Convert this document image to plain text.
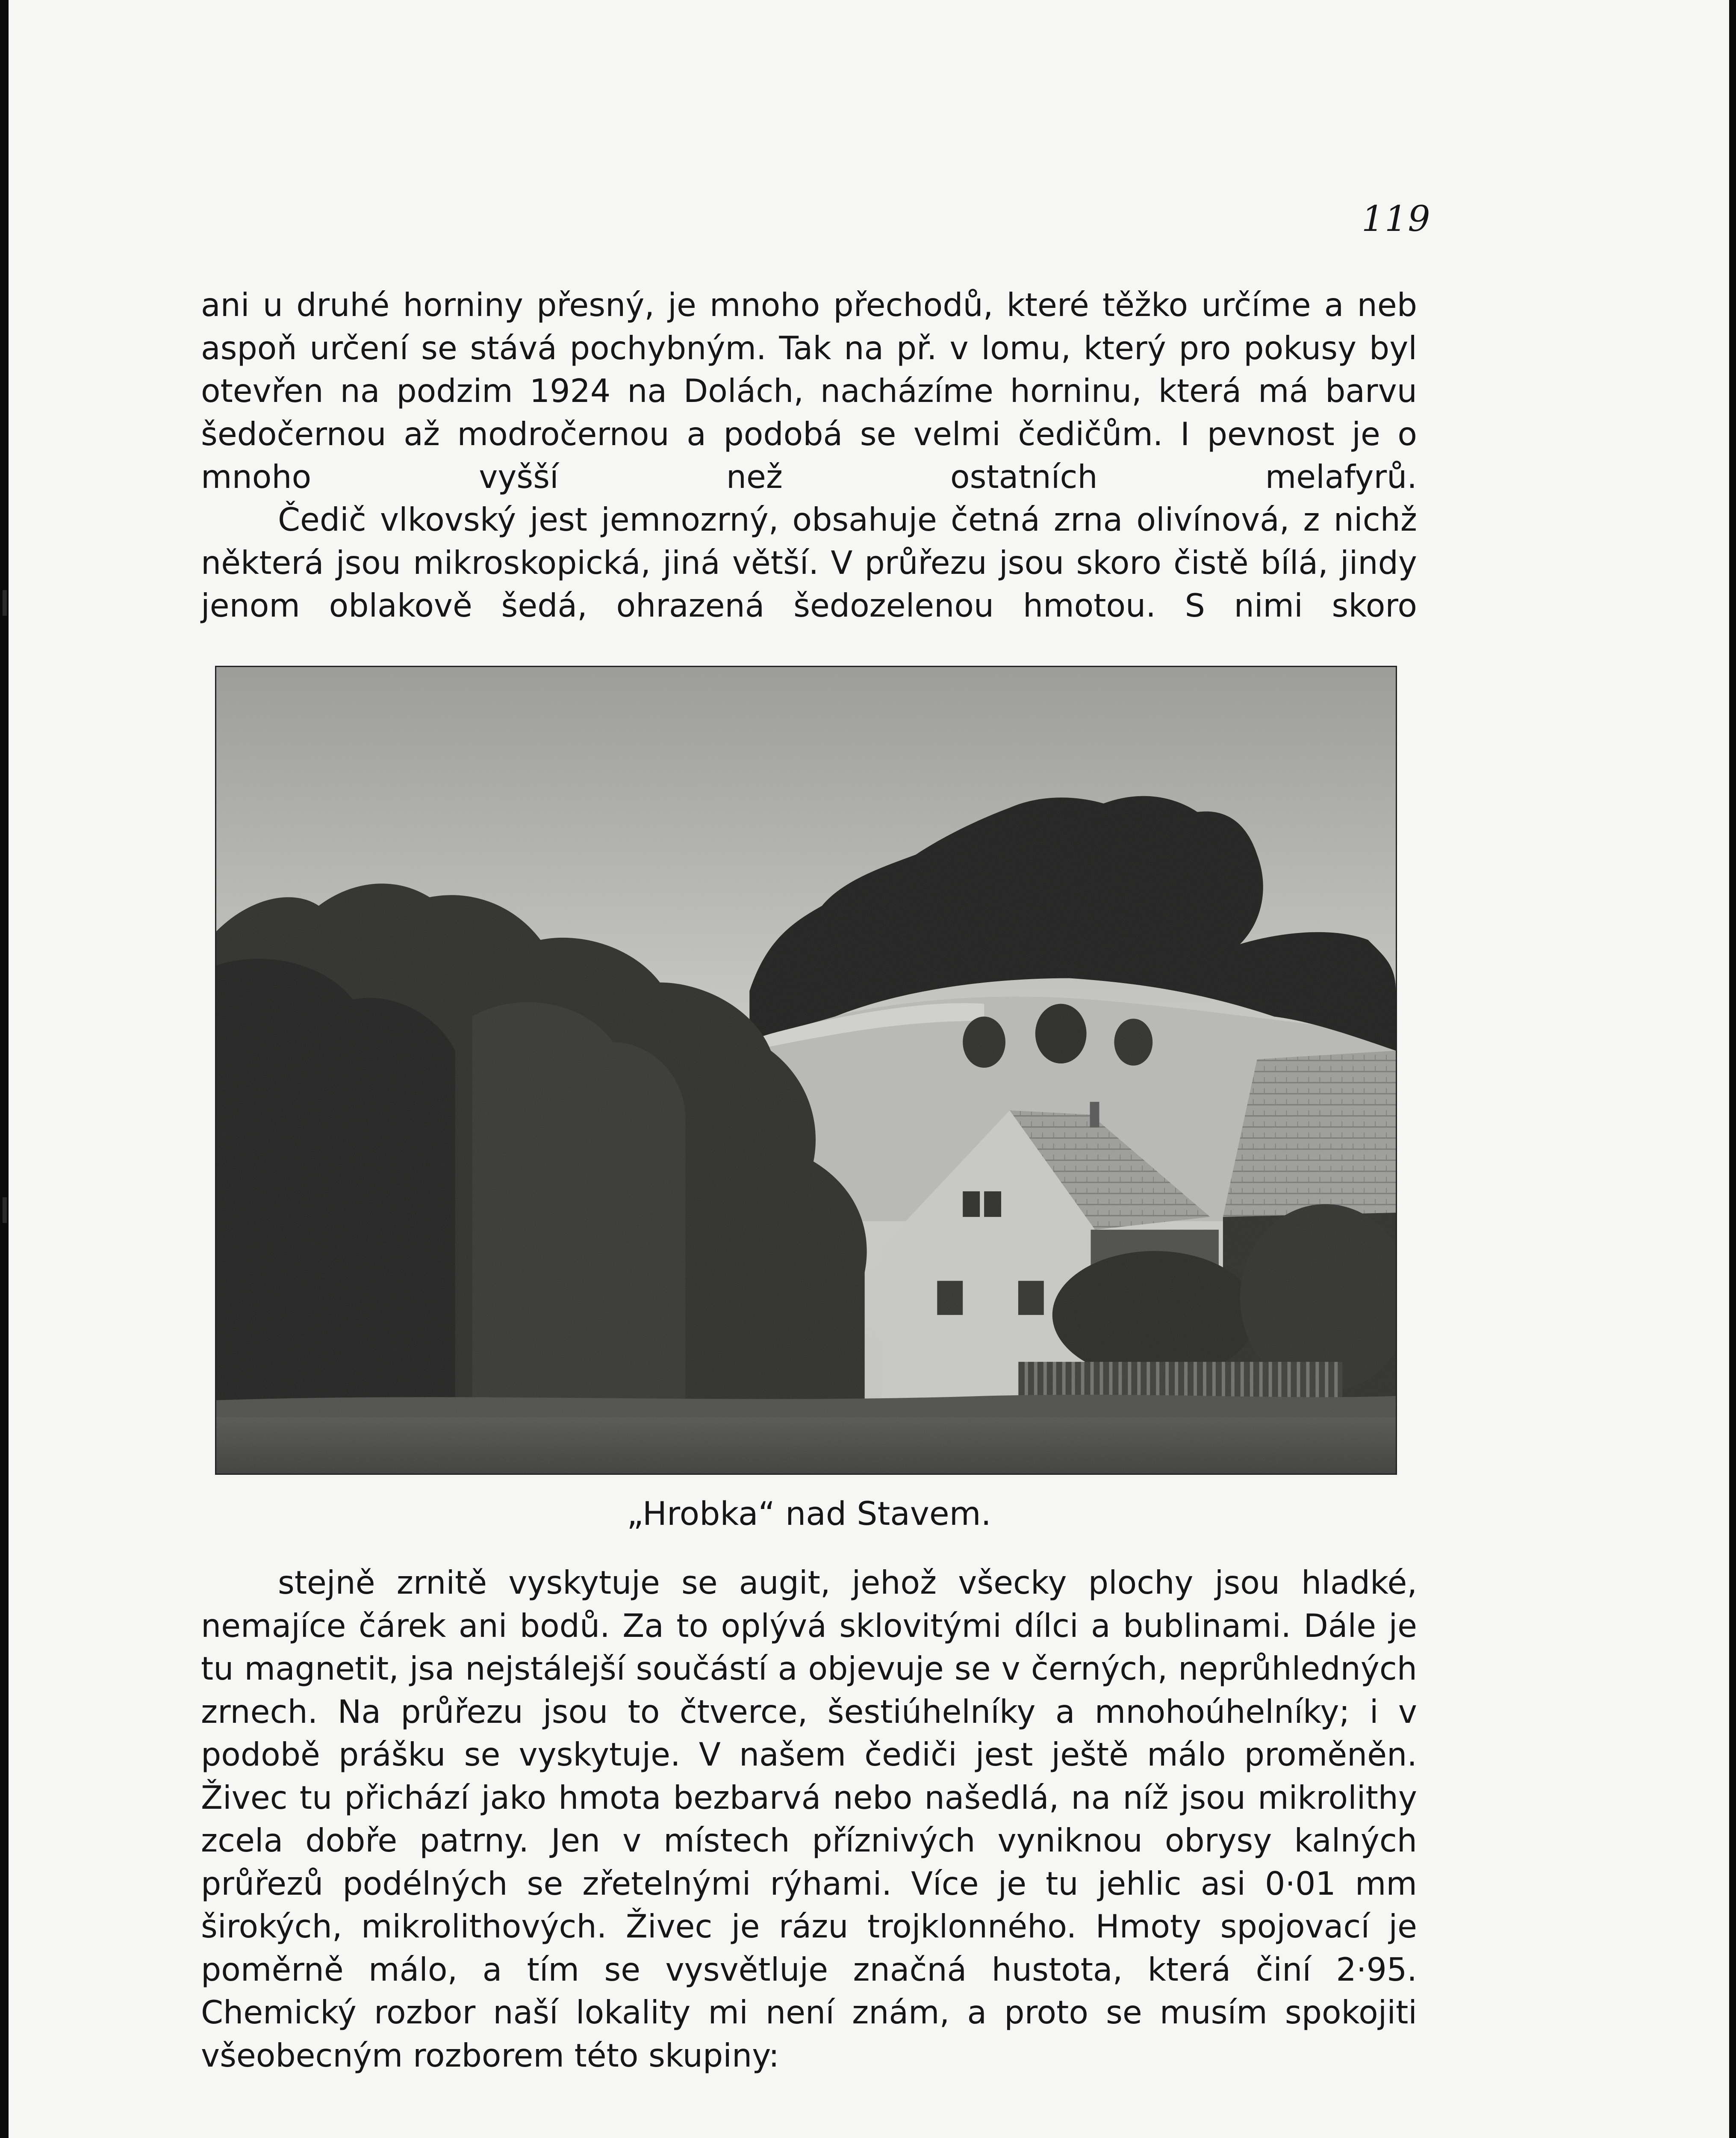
119

ani u druhé horniny přesný, je mnoho přechodů, které těžko určíme a neb aspoň určení se stává pochybným. Tak na př. v lomu, který pro pokusy byl otevřen na podzim 1924 na Dolách, nacházíme horninu, která má barvu šedočernou až modročernou a podobá se velmi čedičům. I pevnost je o mnoho vyšší než ostatních melafyrů.

Čedič vlkovský jest jemnozrný, obsahuje četná zrna olivínová, z nichž některá jsou mikroskopická, jiná větší. V průřezu jsou skoro čistě bílá, jindy jenom oblakově šedá, ohrazená šedozelenou hmotou. S nimi skoro

„Hrobka“ nad Stavem.

stejně zrnitě vyskytuje se augit, jehož všecky plochy jsou hladké, nemajíce čárek ani bodů. Za to oplývá sklovitými dílci a bublinami. Dále je tu magnetit, jsa nejstálejší součástí a objevuje se v černých, neprůhledných zrnech. Na průřezu jsou to čtverce, šestiúhelníky a mnohoúhelníky; i v podobě prášku se vyskytuje. V našem čediči jest ještě málo proměněn. Živec tu přichází jako hmota bezbarvá nebo našedlá, na níž jsou mikrolithy zcela dobře patrny. Jen v místech příznivých vyniknou obrysy kalných průřezů podélných se zřetelnými rýhami. Více je tu jehlic asi 0·01 mm širokých, mikrolithových. Živec je rázu trojklonného. Hmoty spojovací je poměrně málo, a tím se vysvětluje značná hustota, která činí 2·95. Chemický rozbor naší lokality mi není znám, a proto se musím spokojiti všeobecným rozborem této skupiny:
